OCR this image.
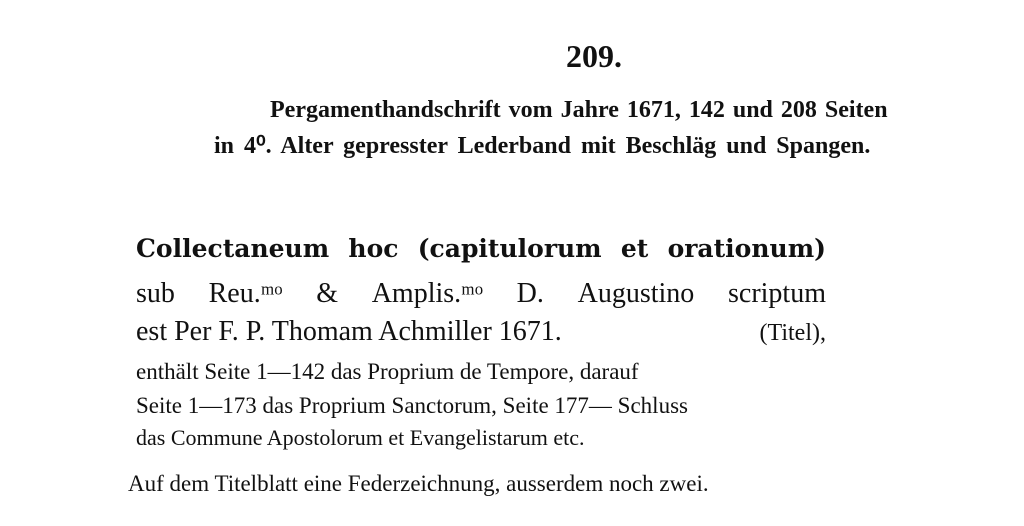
209.
Pergamenthandschrift vom Jahre 1671, 142 und 208 Seiten
in 4⁰. Alter gepresster Lederband mit Beschläg und Spangen.
Collectaneum hoc (capitulorum et orationum)
sub Reu.ᵐᵒ & Amplis.ᵐᵒ D. Augustino scriptum
est Per F. P. Thomam Achmiller 1671.	(Titel),
enthält Seite 1—142 das Proprium de Tempore, darauf
Seite 1—173 das Proprium Sanctorum, Seite 177— Schluss
das Commune Apostolorum et Evangelistarum etc.
Auf dem Titelblatt eine Federzeichnung, ausserdem noch zwei.
